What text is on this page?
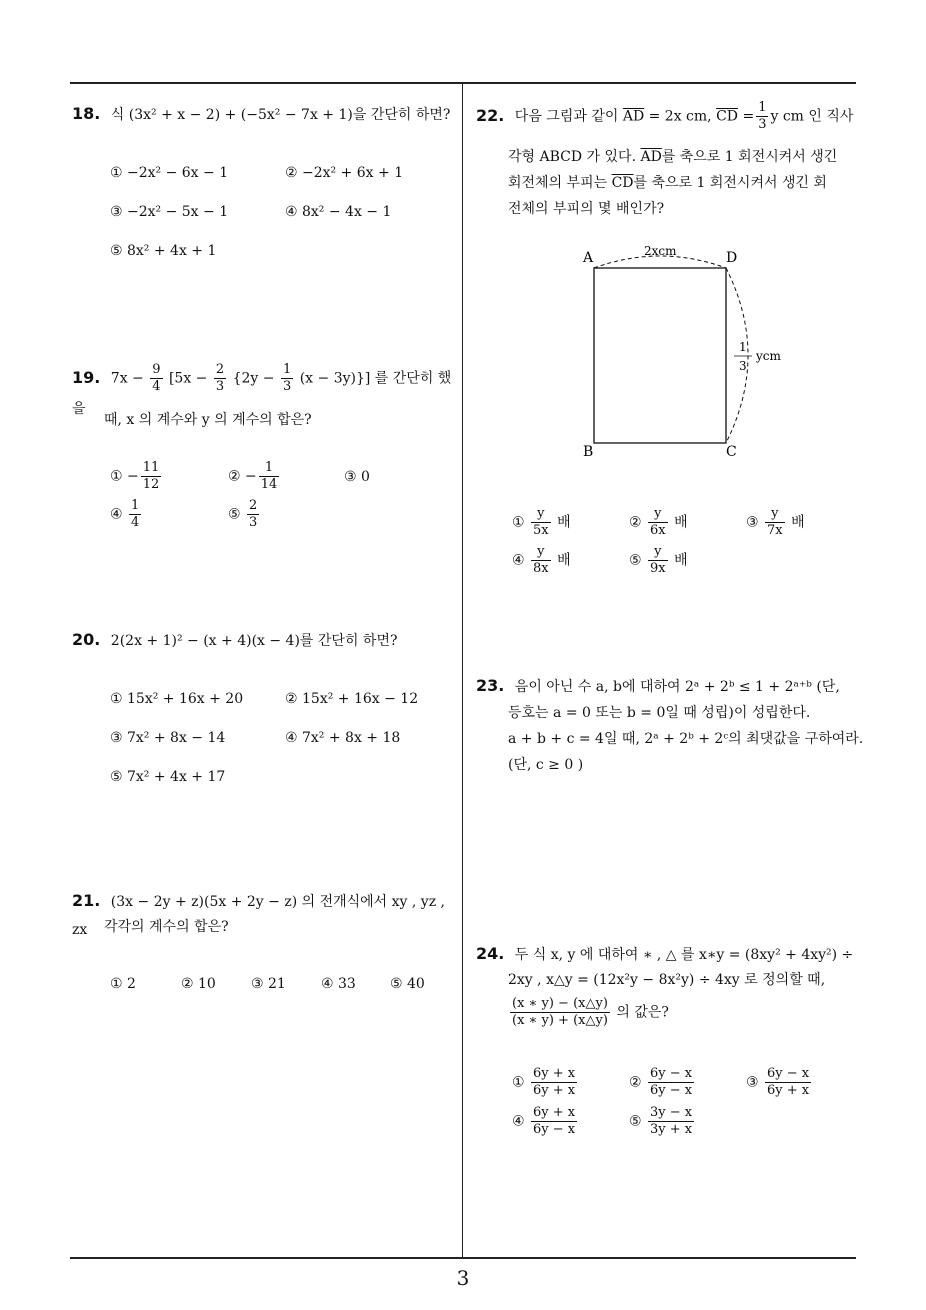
18. 식 (3x² + x − 2) + (−5x² − 7x + 1)을 간단히 하면?
① −2x² − 6x − 1	② −2x² + 6x + 1
③ −2x² − 5x − 1	④ 8x² − 4x − 1
⑤ 8x² + 4x + 1
19. $7x - \frac{9}{4} [5x - \frac{2}{3} \{2y - \frac{1}{3} (x - 3y)\}]$ 를 간단히 했을
때, x 의 계수와 y 의 계수의 합은?
① − $\frac{11}{12}$	② − $\frac{1}{14}$	③ 0
④ $\frac{1}{4}$	⑤ $\frac{2}{3}$
20. 2(2x + 1)² − (x + 4)(x − 4)를 간단히 하면?
① 15x² + 16x + 20	② 15x² + 16x − 12
③ 7x² + 8x − 14	④ 7x² + 8x + 18
⑤ 7x² + 4x + 17
21. (3x − 2y + z)(5x + 2y − z) 의 전개식에서 xy , yz , zx	각각의 계수의 합은?
① 2	② 10	③ 21	④ 33 ⑤ 40
22. 다음 그림과 같이 $\overline{AD} = 2x$ cm, $\overline{CD} = \frac{1}{3}$ y cm 인 직사
각형 ABCD 가 있다. $\overline{AD}$를 축으로 1 회전시켜서 생긴
회전체의 부피는 $\overline{CD}$를 축으로 1 회전시켜서 생긴 회
전체의 부피의 몇 배인가?
A	D
B	C
2xcm
1
3
ycm
① $\frac{y}{5x}$ 배	② $\frac{y}{6x}$ 배	③ $\frac{y}{7x}$ 배
④ $\frac{y}{8x}$ 배	⑤ $\frac{y}{9x}$ 배
23. 음이 아닌 수 a, b에 대하여 2ᵃ + 2ᵇ ≤ 1 + 2ᵃ⁺ᵇ (단,
등호는 a = 0 또는 b = 0일 때 성립)이 성립한다.
a + b + c = 4일 때, 2ᵃ + 2ᵇ + 2ᶜ의 최댓값을 구하여라.
(단, c ≥ 0 )
24. 두 식 x, y 에 대하여 ∗ , △ 를 x∗y = (8xy² + 4xy²) ÷
2xy , x△y = (12x²y − 8x²y) ÷ 4xy 로 정의할 때,
$\frac{(x ∗ y) - (x\triangle y)}{(x ∗ y) + (x\triangle y)}$ 의 값은?
① $\frac{6y + x}{6y + x}$	② $\frac{6y - x}{6y - x}$	③ $\frac{6y - x}{6y + x}$
④ $\frac{6y + x}{6y - x}$	⑤ $\frac{3y - x}{3y + x}$
3
